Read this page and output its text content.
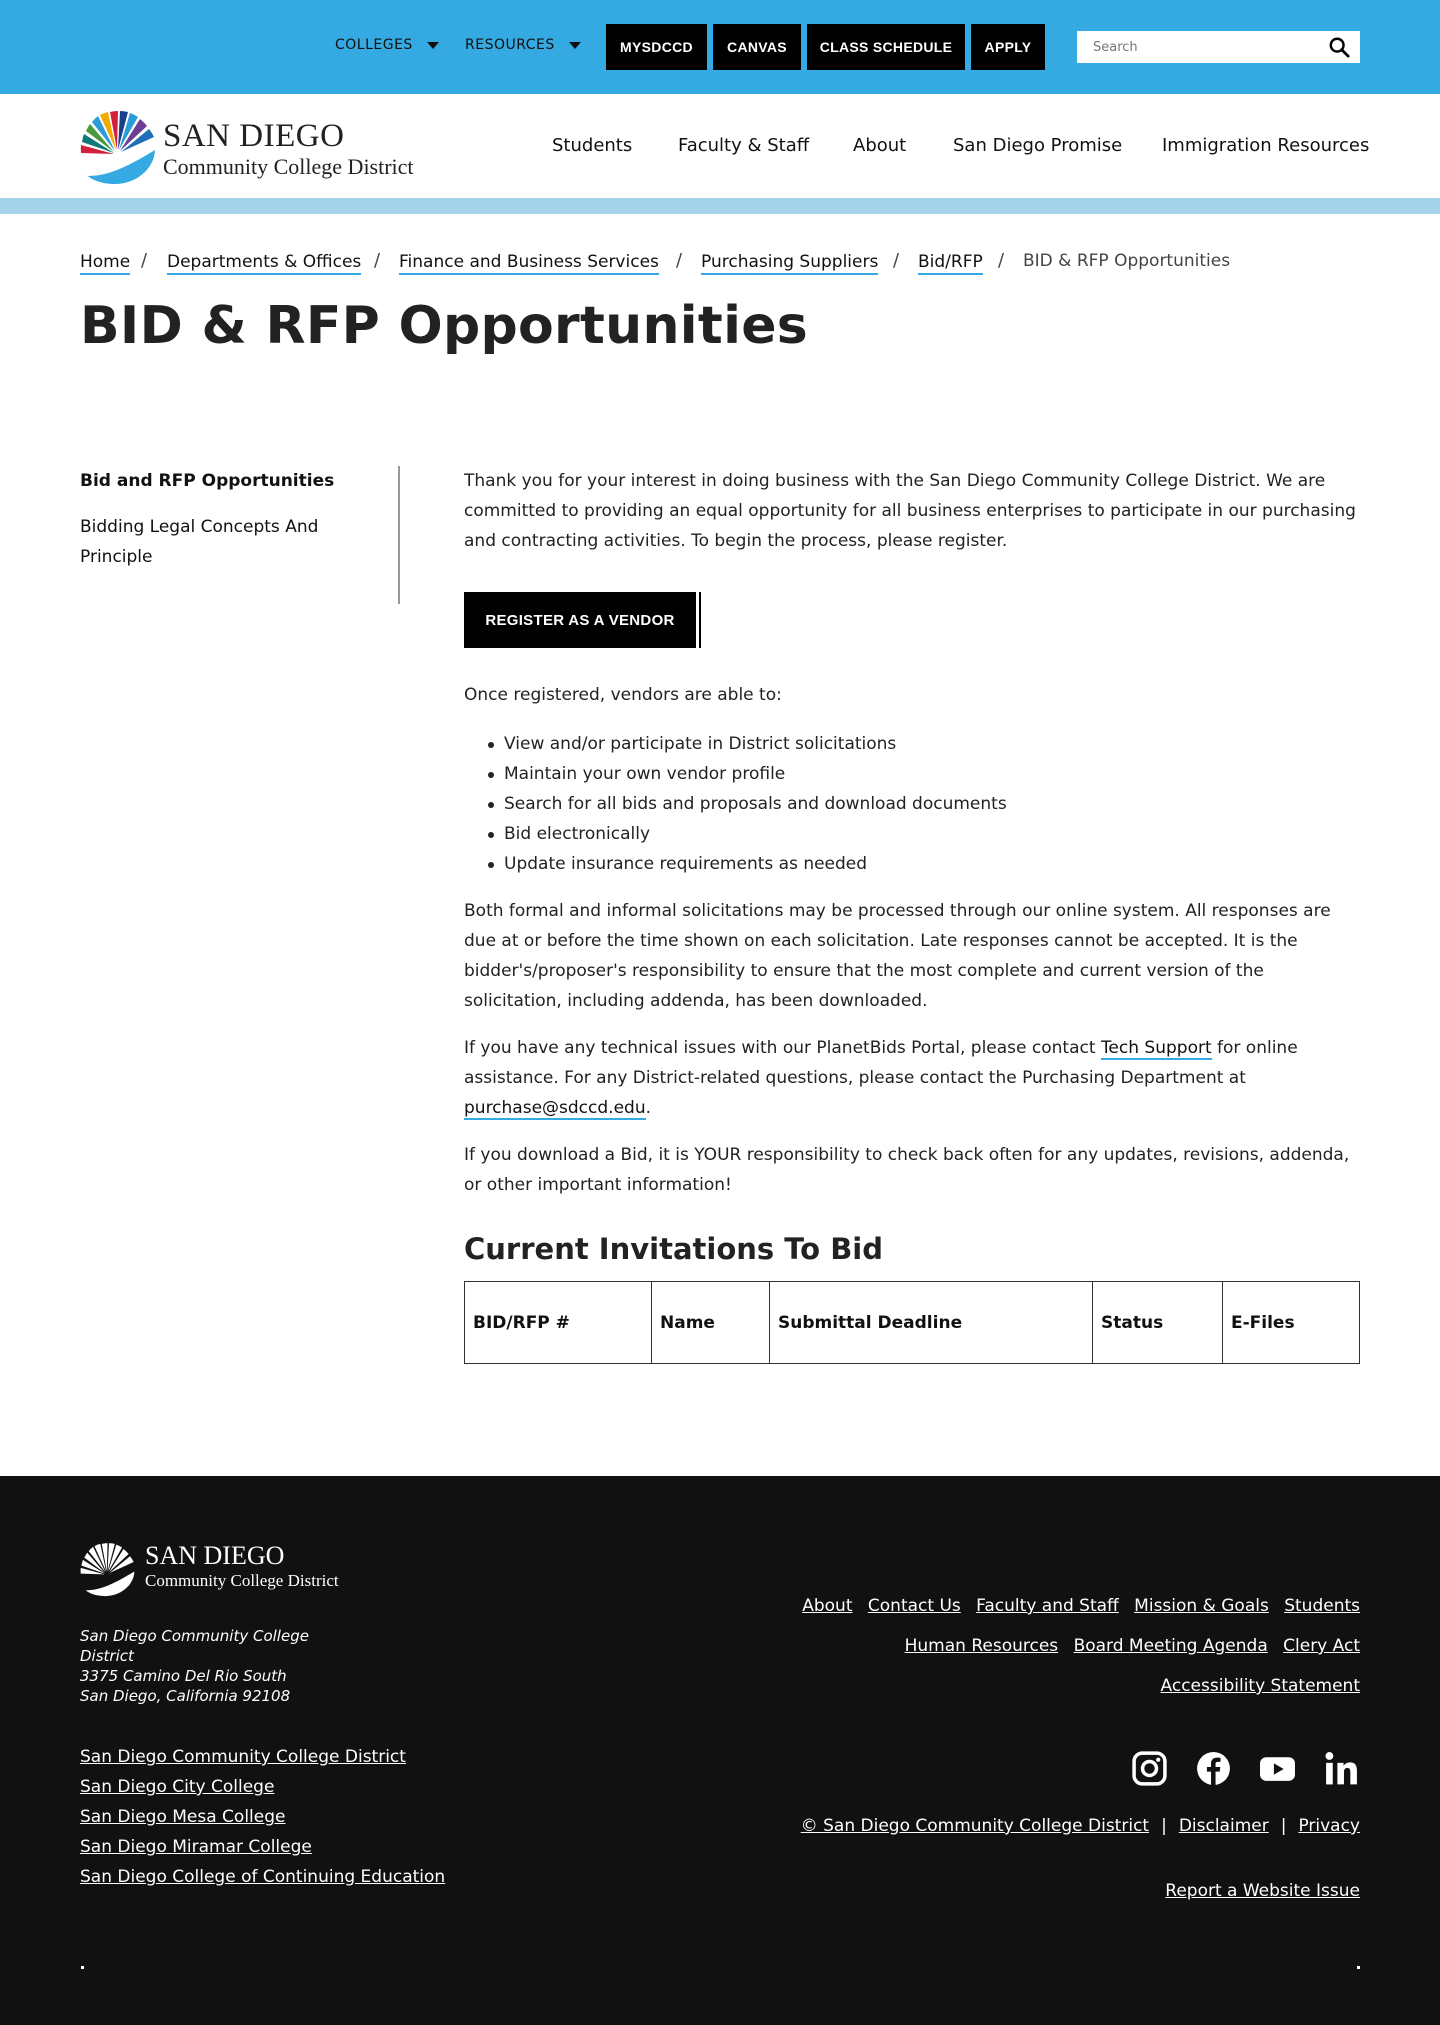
COLLEGES	RESOURCES	MYSDCCD	CANVAS	CLASS SCHEDULE	APPLY
Search
SAN DIEGO
Community College District
Students	Faculty & Staff About	San Diego Promise Immigration Resources
Home / Departments & Offices / Finance and Business Services / Purchasing Suppliers / Bid/RFP / BID & RFP Opportunities
BID & RFP Opportunities
Bid and RFP Opportunities
Bidding Legal Concepts And Principle
Thank you for your interest in doing business with the San Diego Community College District. We are committed to providing an equal opportunity for all business enterprises to participate in our purchasing and contracting activities. To begin the process, please register.
REGISTER AS A VENDOR
Once registered, vendors are able to:
View and/or participate in District solicitations
Maintain your own vendor profile
Search for all bids and proposals and download documents
Bid electronically
Update insurance requirements as needed
Both formal and informal solicitations may be processed through our online system. All responses are due at or before the time shown on each solicitation. Late responses cannot be accepted. It is the bidder's/proposer's responsibility to ensure that the most complete and current version of the solicitation, including addenda, has been downloaded.
If you have any technical issues with our PlanetBids Portal, please contact Tech Support for online assistance. For any District-related questions, please contact the Purchasing Department at purchase@sdccd.edu.
If you download a Bid, it is YOUR responsibility to check back often for any updates, revisions, addenda, or other important information!
Current Invitations To Bid
BID/RFP #	Name	Submittal Deadline	Status	E-Files
SAN DIEGO
Community College District
San Diego Community College District
3375 Camino Del Rio South
San Diego, California 92108
San Diego Community College District
San Diego City College
San Diego Mesa College
San Diego Miramar College
San Diego College of Continuing Education
About Contact Us Faculty and Staff Mission & Goals Students
Human Resources Board Meeting Agenda Clery Act
Accessibility Statement
© San Diego Community College District | Disclaimer | Privacy
Report a Website Issue
